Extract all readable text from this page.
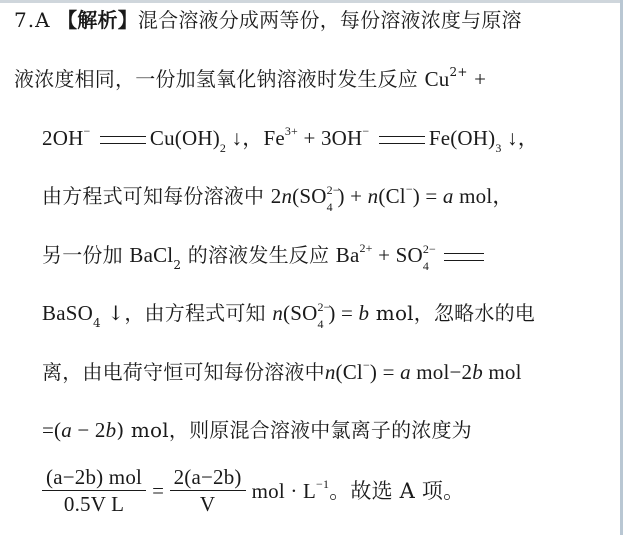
7.A 【解析】混合溶液分成两等份，每份溶液浓度与原溶
液浓度相同，一份加氢氧化钠溶液时发生反应 $Cu^{2+}$ +
2OH−	$Cu(OH)_2$ ↓，$Fe^{3+} + 3OH^-$	$Fe(OH)_3$ ↓，
由方程式可知每份溶液中 2n(SO 2−
4 ) + n(Cl−) = a mol，
另一份加 BaCl$_2$ 的溶液发生反应 $Ba^{2+}$ + SO 2−
4

BaSO$_4$ ↓，由方程式可知 n(SO 2−
4 ) = b mol，忽略水的电
离，由电荷守恒可知每份溶液中n(Cl−) = a mol−2b mol
=(a − 2b) mol，则原混合溶液中氯离子的浓度为
$\frac{\text{(a−2b) mol}}{\text{0.5V L}} = \frac{2(a-2b)}{V}$ mol · $L^{-1}$。故选 A 项。
